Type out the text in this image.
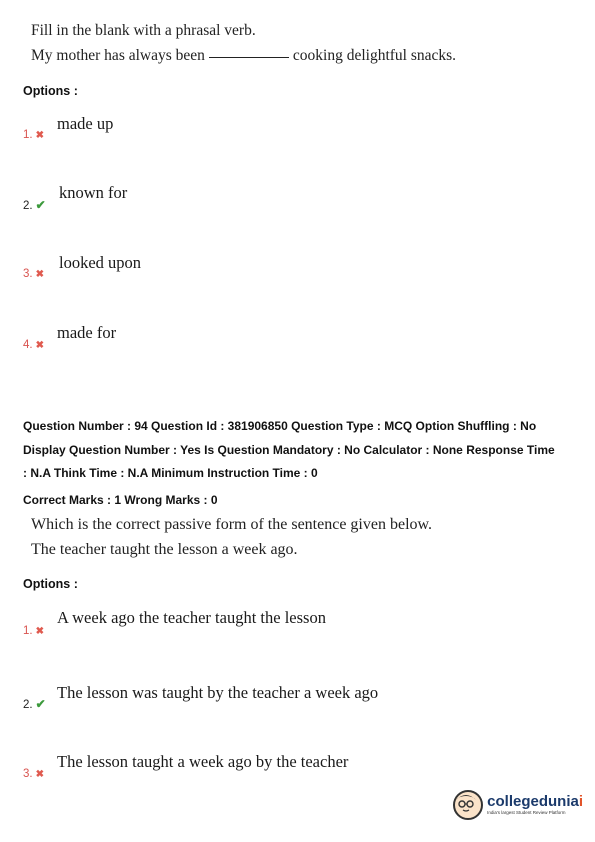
Fill in the blank with a phrasal verb.
My mother has always been	cooking delightful snacks.
Options :
1. ✖
made up
2. ✔
known for
3. ✖
looked upon
4. ✖
made for
Question Number : 94 Question Id : 381906850 Question Type : MCQ Option Shuffling : No
Display Question Number : Yes Is Question Mandatory : No Calculator : None Response Time
: N.A Think Time : N.A Minimum Instruction Time : 0
Correct Marks : 1 Wrong Marks : 0
Which is the correct passive form of the sentence given below.
The teacher taught the lesson a week ago.
Options :
1. ✖
A week ago the teacher taught the lesson
2. ✔
The lesson was taught by the teacher a week ago
3. ✖
The lesson taught a week ago by the teacher
collegeduniai
India's largest Student Review Platform
